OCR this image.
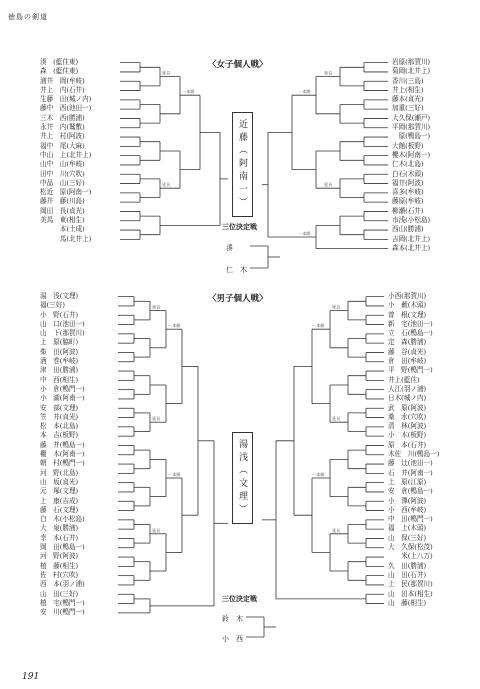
徳島の剣道
〈女子個人戦〉
湊　(藍住東)
森　(藍住東)
浦井　岡(牟岐)
井上　内(石井)
生藤　田(城ノ内)
藤中　西(池田一)
三木　西(勝浦)
永井　内(鷲敷)
井上　村(阿波)
福中　尾(大麻)
中山　上(北井上)
山中　山(牟岐)
田中　川(穴吹)
中品　山(三好)
松近　原(阿南一)
藤井　藤(川島)
岡田　長(貞光)
美馬　東(相生)
　　　本(土成)
　　　馬(北井上)
岩原(那賀川)
菊岡(北井上)
香川(三島)
井上(相生)
藤本(貞光)
加重(三好)
大久保(瀬戸)
平岡(那賀川)
　原(鴨島一)
大館(板野)
櫻木(阿南一)
仁木(北島)
白石(木頭)
福井(阿波)
喜多(牟岐)
藤原(牟岐)
柳瀬(石井)
市浅(小松島)
西山(勝浦)
吉岡(北井上)
森本(北井上)
近藤（阿南一）
三位決定戦
湊
仁　木
〈男子個人戦〉
湯　浅(文理)
福(三好)
小　野(石井)
山　口(池田一)
山　下(那賀川)
上　原(脇町)
柴　田(阿波)
酒　巻(牟岐)
津　田(勝浦)
中　西(相生)
小　倉(鴨門一)
小　湖(阿南一)
安　部(文理)
笠　井(貞光)
松　本(北島)
本　吉(板野)
藤　井(鴨島一)
棚　木(阿南一)
朝　村(鴨門一)
河　野(北島)
山　坂(貞光)
元　塚(文理)
上　康(吉成)
藤　石(文理)
白　木(小松島)
大　泉(勝浦)
幸　木(石井)
岡　田(鴨島一)
河　野(阿波)
植　藤(相生)
佐　村(穴吹)
西　本(羽ノ浦)
山　田(三好)
植　宅(鴨門一)
安　川(鴨門一)
小西(那賀川)
小　藪(木頭)
曾　根(文理)
新　宅(池田一)
立　石(鴨島一)
定　森(勝浦)
藤　谷(貞光)
倉　田(牟岐)
平　野(鴨門一)
井上(藍住)
人江(羽ノ浦)
日木(城ノ内)
武　原(阿波)
桑　水(穴吹)
清　林(阿波)
小　木(板野)
原　本(石井)
木佐　川(鴨島一)
藤　辻(池田一)
石　井(阿南一)
上　原(江原)
安　倉(鴨島一)
小　澤(阿波)
小　西(牟岐)
中　田(鴨門一)
福　上(木頭)
山　保(三好)
大　久保(松茂)
　　米(上八万)
久　田(勝浦)
山　田(石井)
上　民(那賀川)
山　田本(相生)
山　藤(相生)
湯浅（文理）
三位決定戦
鈴　木
小　西
191
延長
延長
一本勝
延長
延長
一本勝
一本勝
延長
延長
延長
一本勝
一本勝
延長
延長
延長
一本勝
一本勝
